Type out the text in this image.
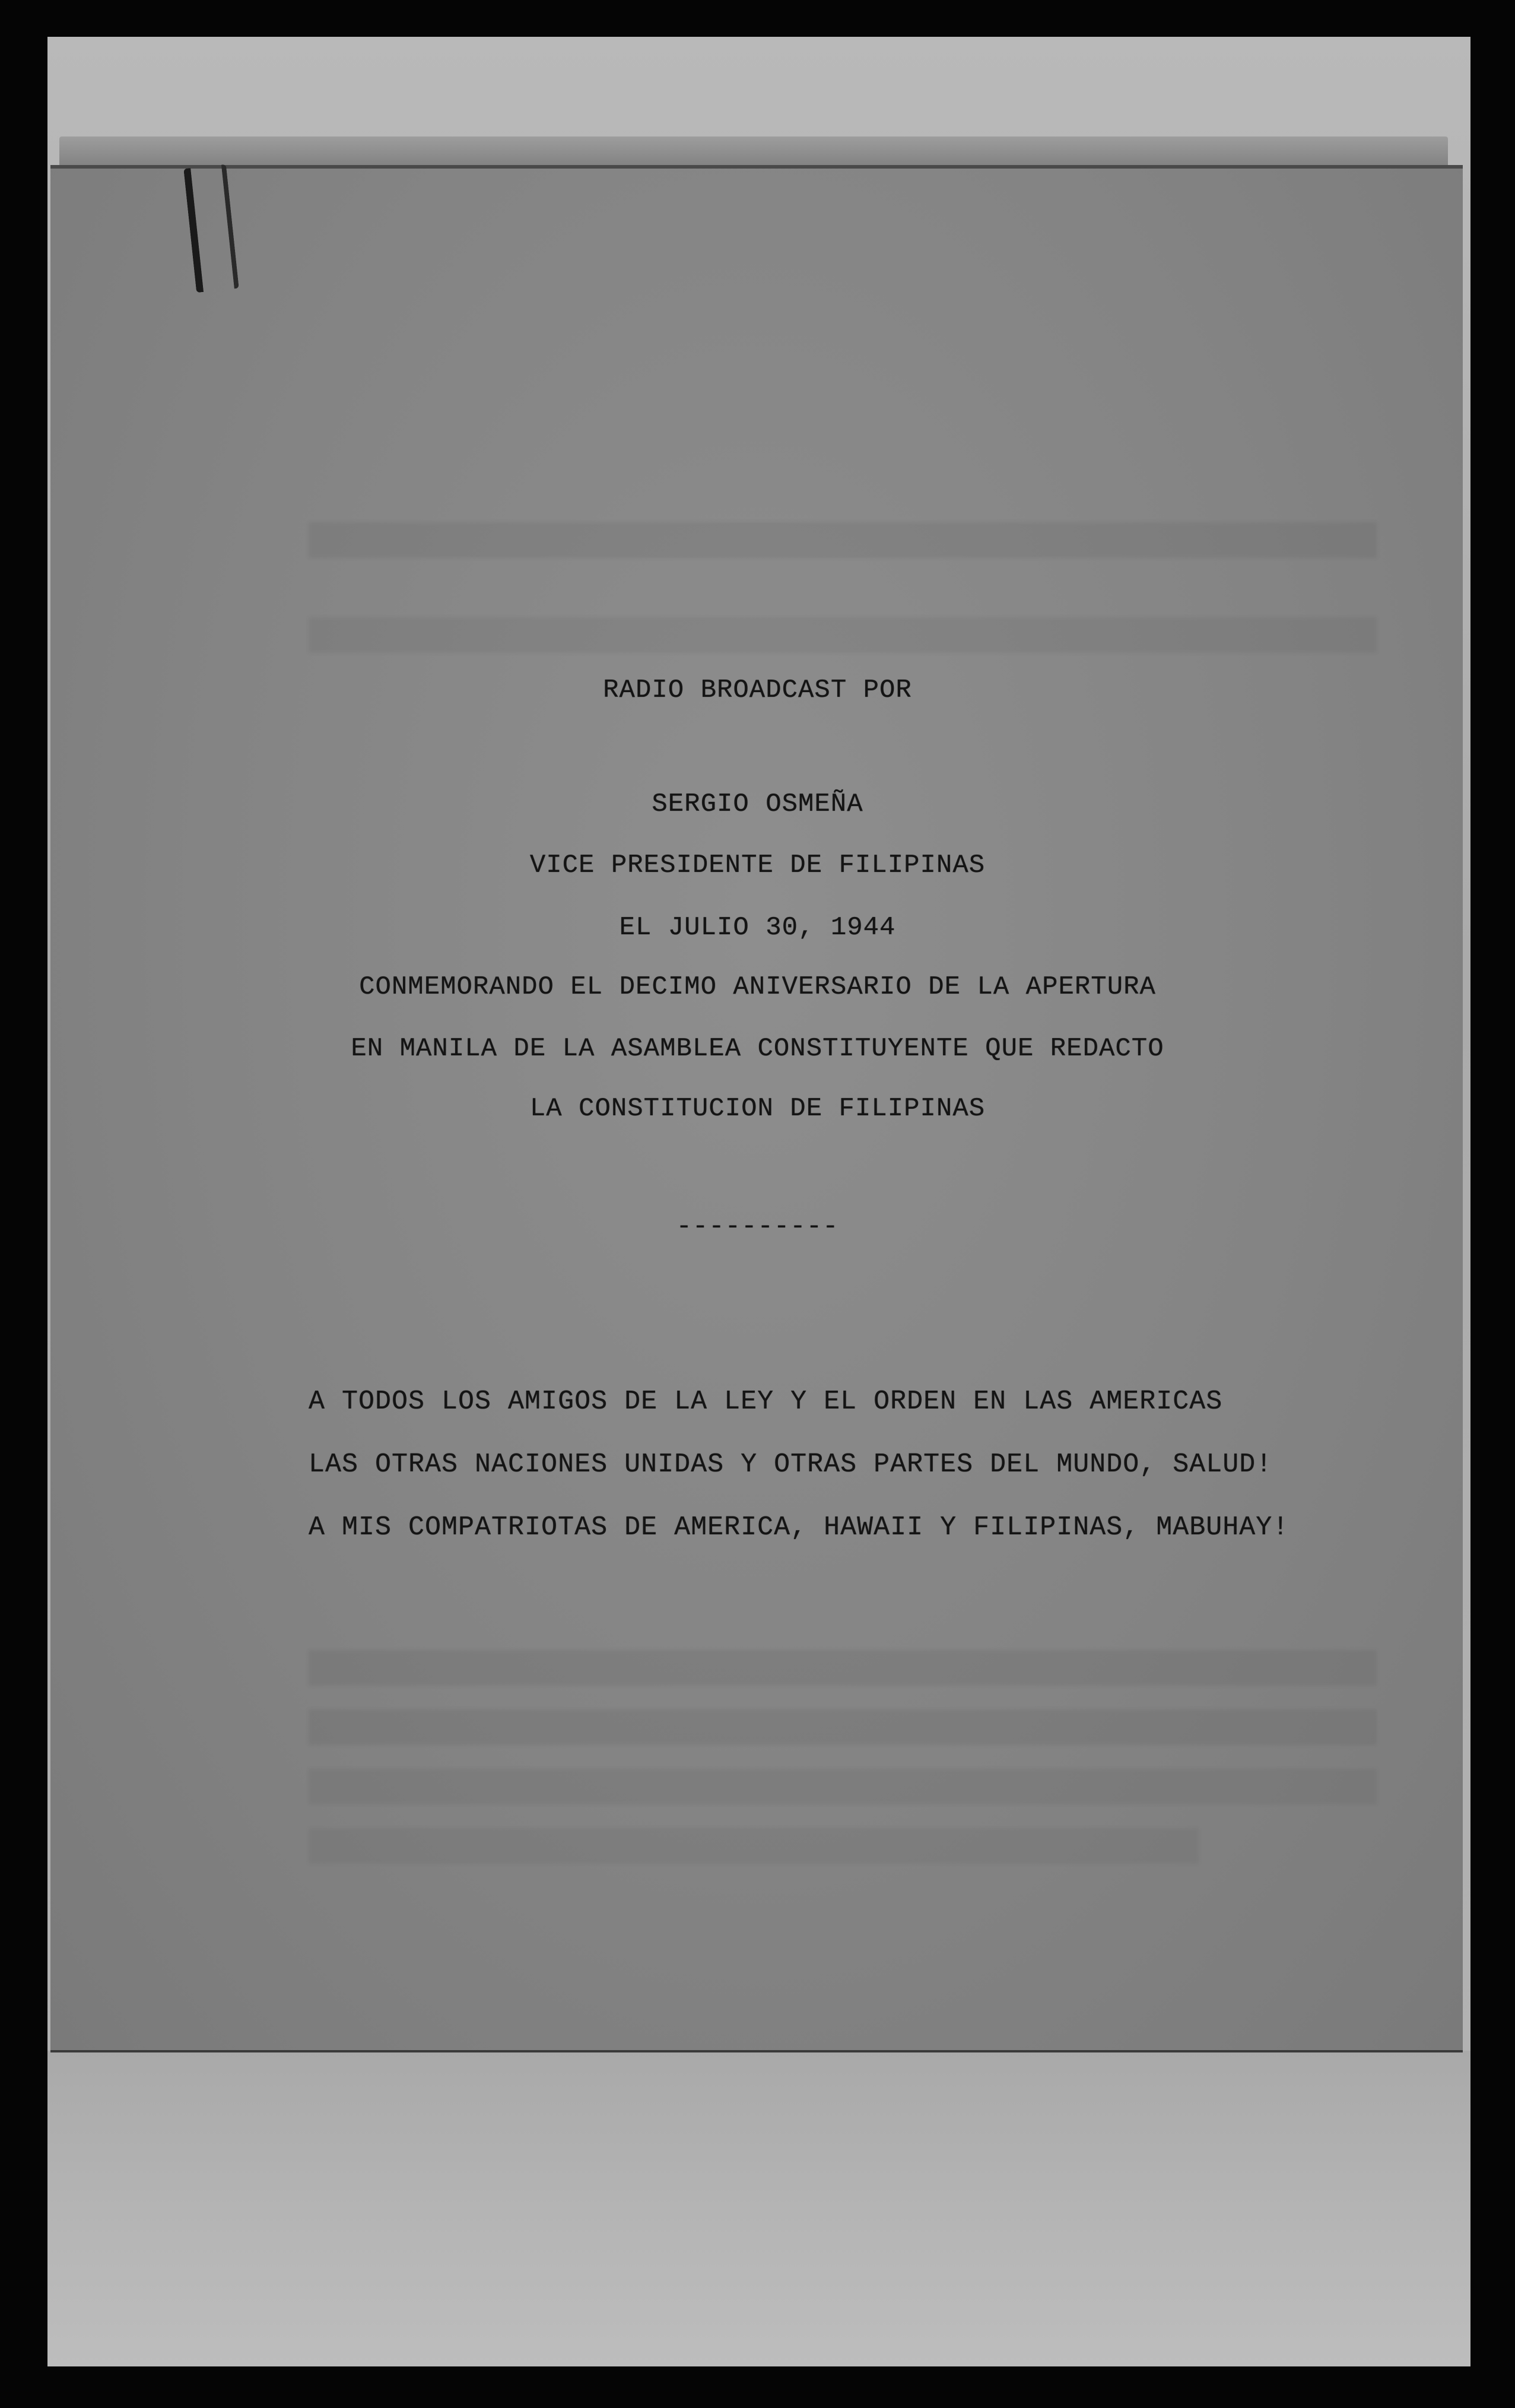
RADIO BROADCAST POR
SERGIO OSMEÑA
VICE PRESIDENTE DE FILIPINAS
EL JULIO 30, 1944
CONMEMORANDO EL DECIMO ANIVERSARIO DE LA APERTURA
EN MANILA DE LA ASAMBLEA CONSTITUYENTE QUE REDACTO
LA CONSTITUCION DE FILIPINAS
----------
A TODOS LOS AMIGOS DE LA LEY Y EL ORDEN EN LAS AMERICAS
LAS OTRAS NACIONES UNIDAS Y OTRAS PARTES DEL MUNDO, SALUD!
A MIS COMPATRIOTAS DE AMERICA, HAWAII Y FILIPINAS, MABUHAY!
